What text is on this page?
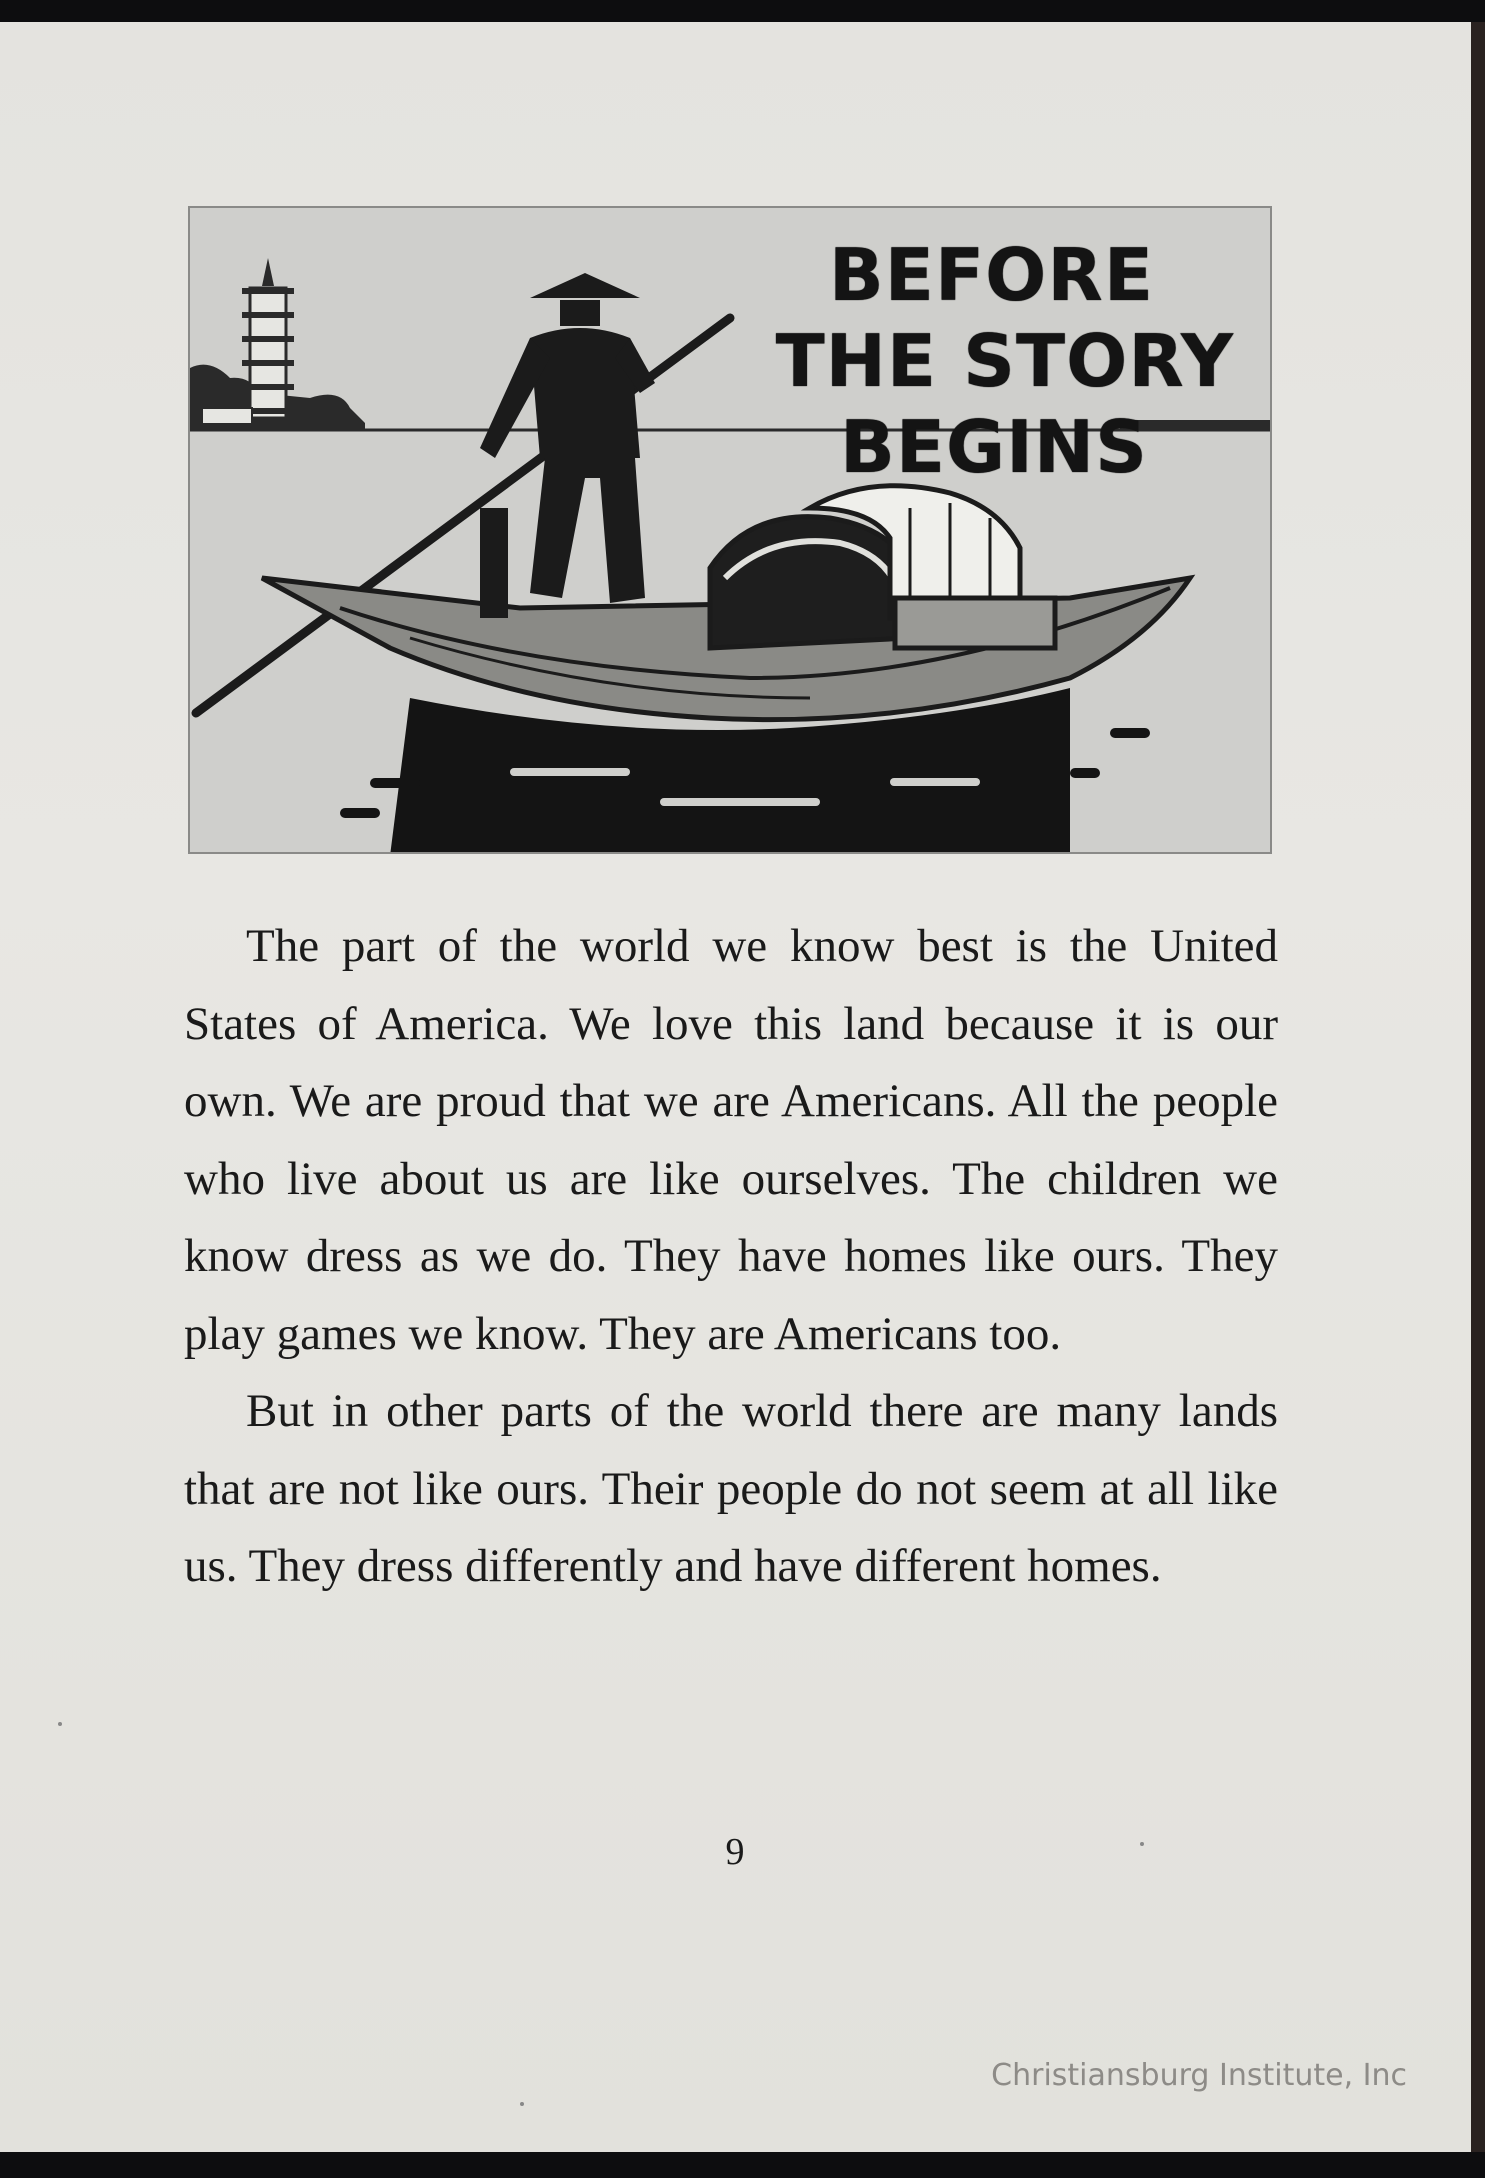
BEFORE
THE STORY
BEGINS

The part of the world we know best is the United States of America. We love this land because it is our own. We are proud that we are Americans. All the people who live about us are like ourselves. The children we know dress as we do. They have homes like ours. They play games we know. They are Americans too.

But in other parts of the world there are many lands that are not like ours. Their people do not seem at all like us. They dress differently and have different homes.

9
Christiansburg Institute, Inc
